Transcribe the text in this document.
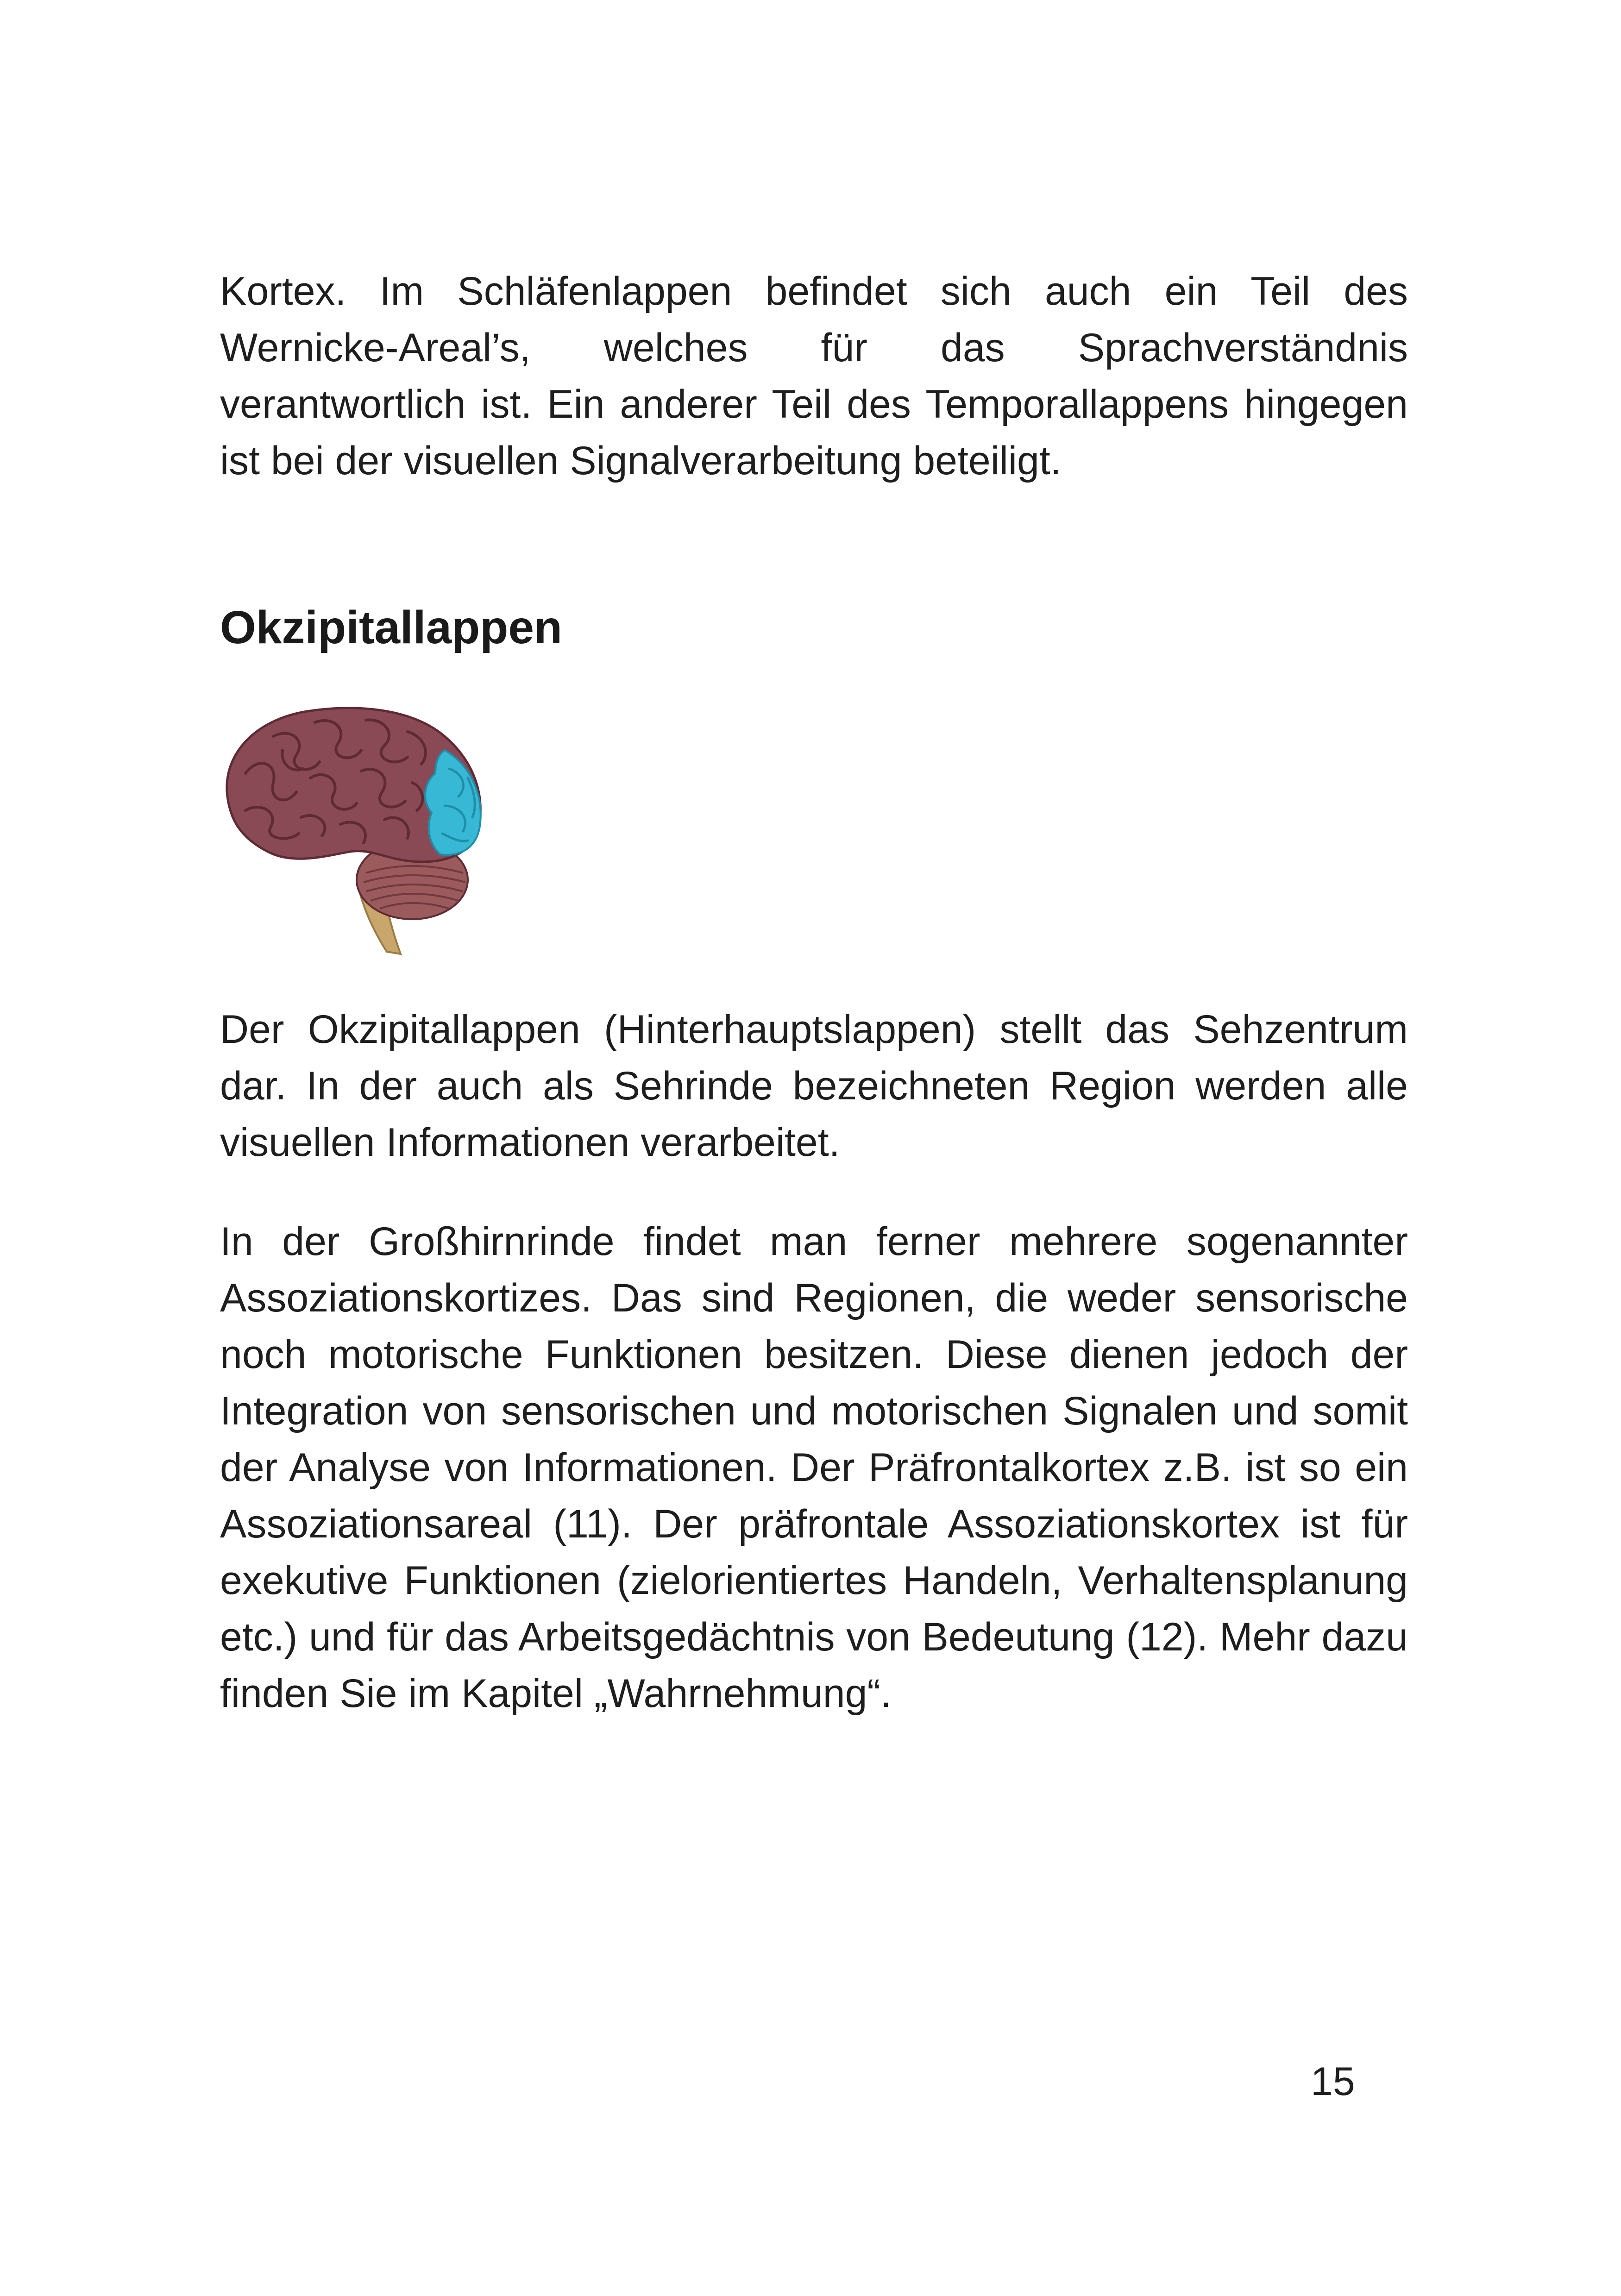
Kortex. Im Schläfenlappen befindet sich auch ein Teil des Wernicke-Areal’s, welches für das Sprachverständnis verantwortlich ist. Ein anderer Teil des Temporallappens hingegen ist bei der visuellen Signalverarbeitung beteiligt.

Okzipitallappen

Der Okzipitallappen (Hinterhauptslappen) stellt das Sehzentrum dar. In der auch als Sehrinde bezeichneten Region werden alle visuellen Informationen verarbeitet.

In der Großhirnrinde findet man ferner mehrere sogenannter Assoziationskortizes. Das sind Regionen, die weder sensorische noch motorische Funktionen besitzen. Diese dienen jedoch der Integration von sensorischen und motorischen Signalen und somit der Analyse von Informationen. Der Präfrontalkortex z.B. ist so ein Assoziationsareal (11). Der präfrontale Assoziationskortex ist für exekutive Funktionen (zielorientiertes Handeln, Verhaltensplanung etc.) und für das Arbeitsgedächtnis von Bedeutung (12). Mehr dazu finden Sie im Kapitel „Wahrnehmung“.

15
